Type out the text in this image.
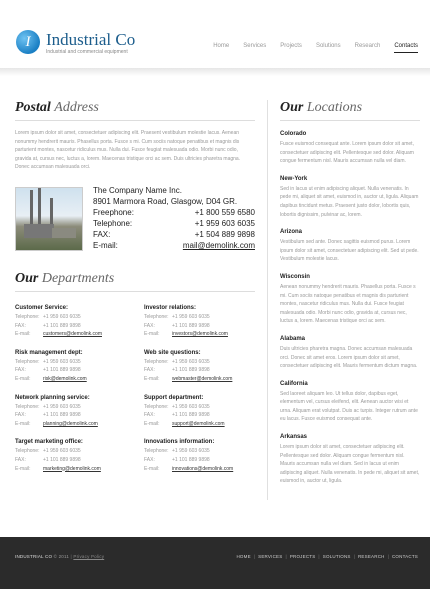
I Industrial Co
Industrial and commercial equipment
Home Services Projects Solutions Research Contacts
Postal Address
Lorem ipsum dolor sit amet, consectetuer adipiscing elit. Praesent vestibulum molestie lacus. Aenean nonummy hendrerit mauris. Phasellus porta. Fusce s mi. Cum sociis natoque penatibus et magnis dis parturient montes, nascetur ridiculus mus. Nulla dui. Fusce feugiat malesuada odio. Morbi nunc odio, gravida at, cursus nec, luctus a, lorem. Maecenas tristique orci ac sem. Duis ultricies pharetra magna. Donec accumsan malesuada orci.
The Company Name Inc.
8901 Marmora Road, Glasgow, D04 GR.
Freephone:	+1 800 559 6580
Telephone:	+1 959 603 6035
FAX:	+1 504 889 9898
E-mail:	mail@demolink.com
Our Departments
Customer Service:
Telephone: +1 959 603 6035
FAX:	+1 101 889 9898
E-mail: customers@demolink.com
Investor relations:
Telephone: +1 959 603 6035
FAX:	+1 101 889 9898
E-mail: investors@demolink.com
Risk management dept:
Telephone: +1 959 603 6035
FAX:	+1 101 889 9898
E-mail: risk@demolink.com
Web site questions:
Telephone: +1 959 603 6035
FAX:	+1 101 889 9898
E-mail: webmaster@demolink.com
Network planning service:
Telephone: +1 959 603 6035
FAX:	+1 101 889 9898
E-mail: planning@demolink.com
Support department:
Telephone: +1 959 603 6035
FAX:	+1 101 889 9898
E-mail: support@demolink.com
Target marketing office:
Telephone: +1 959 603 6035
FAX:	+1 101 889 9898
E-mail: marketing@demolink.com
Innovations information:
Telephone: +1 959 603 6035
FAX:	+1 101 889 9898
E-mail: innovations@demolink.com
Our Locations
Colorado
Fusce euismod consequat ante. Lorem ipsum dolor sit amet, consectetuer adipiscing elit. Pellentesque sed dolor. Aliquam congue fermentum nisl. Mauris accumsan nulla vel diam.
New-York
Sed in lacus ut enim adipiscing aliquet. Nulla venenatis. In pede mi, aliquet sit amet, euismod in, auctor ut, ligula. Aliquam dapibus tincidunt metus. Praesent justo dolor, lobortis quis, lobortis dignissim, pulvinar ac, lorem.
Arizona
Vestibulum sed ante. Donec sagittis euismod purus. Lorem ipsum dolor sit amet, consectetuer adipiscing elit. Sed ut pede. Vestibulum molestie lacus.
Wisconsin
Aenean nonummy hendrerit mauris. Phasellus porta. Fusce s mi. Cum sociis natoque penatibus et magnis dis parturient montes, nascetur ridiculus mus. Nulla dui. Fusce feugiat malesuada odio. Morbi nunc odio, gravida at, cursus nec, luctus a, lorem. Maecenas tristique orci ac sem.
Alabama
Duis ultricies pharetra magna. Donec accumsan malesuada orci. Donec sit amet eros. Lorem ipsum dolor sit amet, consectetuer adipiscing elit. Mauris fermentum dictum magna.
California
Sed laoreet aliquam leo. Ut tellus dolor, dapibus eget, elementum vel, cursus eleifend, elit. Aenean auctor wisi et urna. Aliquam erat volutpat. Duis ac turpis. Integer rutrum ante eu lacus. Fusce euismod consequat ante.
Arkansas
Lorem ipsum dolor sit amet, consectetuer adipiscing elit. Pellentesque sed dolor. Aliquam congue fermentum nisl. Mauris accumsan nulla vel diam. Sed in lacus ut enim adipiscing aliquet. Nulla venenatis. In pede mi, aliquet sit amet, euismod in, auctor ut, ligula.
INDUSTRIAL CO © 2011 | Privacy Policy	HOME | SERVICES | PROJECTS | SOLUTIONS | RESEARCH | CONTACTS
